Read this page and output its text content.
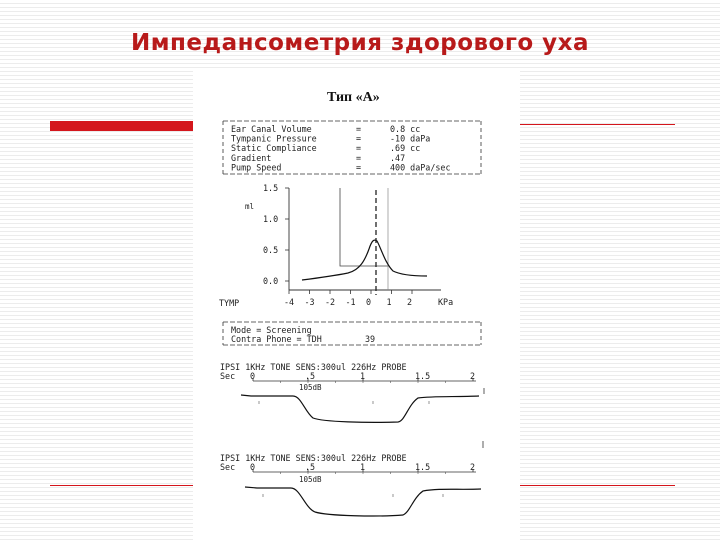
Импедансометрия здорового уха
Тип «А»
Ear Canal Volume	=	0.8 cc
Tympanic Pressure	=	-10 daPa
Static Compliance	=	.69 cc
Gradient	=	.47
Pump Speed	=	400 daPa/sec
ml
1.5
1.0
0.5
0.0
-4 -3 -2 -1 0 1 2
TYMP	KPa
Mode = Screening
Contra Phone = TDH	39
IPSI 1KHz TONE SENS:300ul 226Hz PROBE
Sec 0	.5	1	1.5	2
105dB
IPSI 1KHz TONE SENS:300ul 226Hz PROBE
Sec 0	.5	1	1.5	2
105dB
